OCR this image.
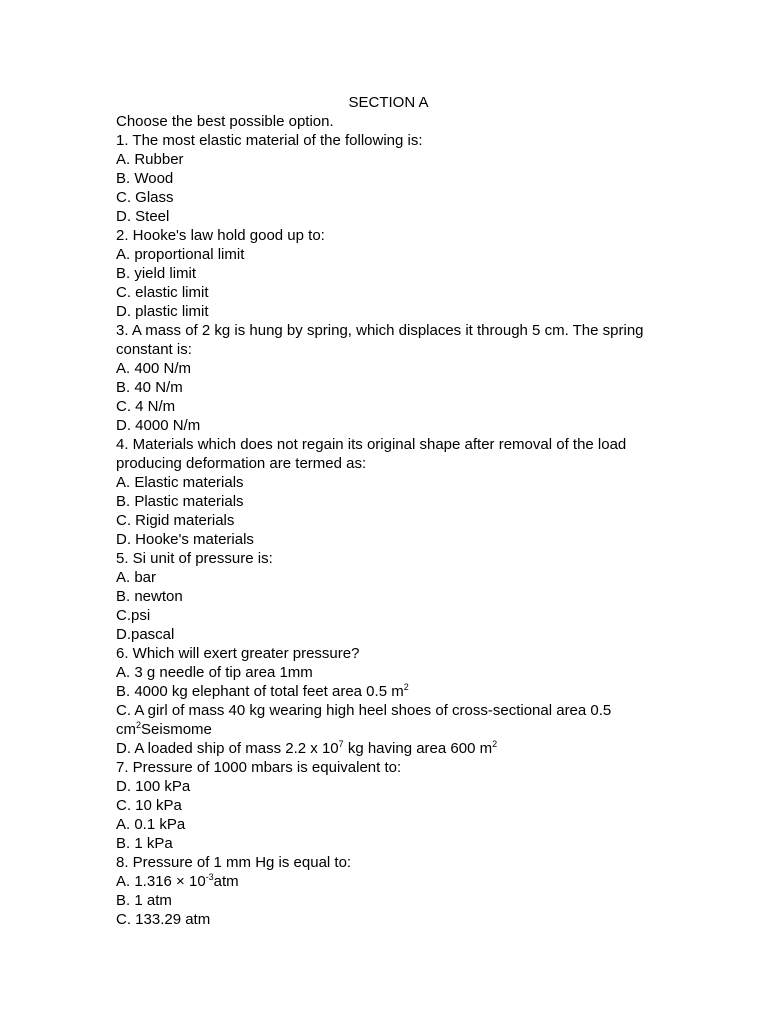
SECTION A

Choose the best possible option.

1. The most elastic material of the following is:

A. Rubber

B. Wood

C. Glass

D. Steel

2. Hooke's law hold good up to:

A. proportional limit

B. yield limit

C. elastic limit

D. plastic limit

3. A mass of 2 kg is hung by spring, which displaces it through 5 cm. The spring constant is:

A. 400 N/m

B. 40 N/m

C. 4 N/m

D. 4000 N/m

4. Materials which does not regain its original shape after removal of the load producing deformation are termed as:

A. Elastic materials

B. Plastic materials

C. Rigid materials

D. Hooke's materials

5. Si unit of pressure is:

A. bar

B. newton

C.psi

D.pascal

6. Which will exert greater pressure?

A. 3 g needle of tip area 1mm

B. 4000 kg elephant of total feet area 0.5 $m^2$

C. A girl of mass 40 kg wearing high heel shoes of cross-sectional area 0.5 $cm^2Seismome$

D. A loaded ship of mass 2.2 x $10^7$ kg having area 600 $m^2$

7. Pressure of 1000 mbars is equivalent to:

D. 100 kPa

C. 10 kPa

A. 0.1 kPa

B. 1 kPa

8. Pressure of 1 mm Hg is equal to:

A. $1.316 \times 10^{-3}atm$

B. 1 atm

C. 133.29 atm
